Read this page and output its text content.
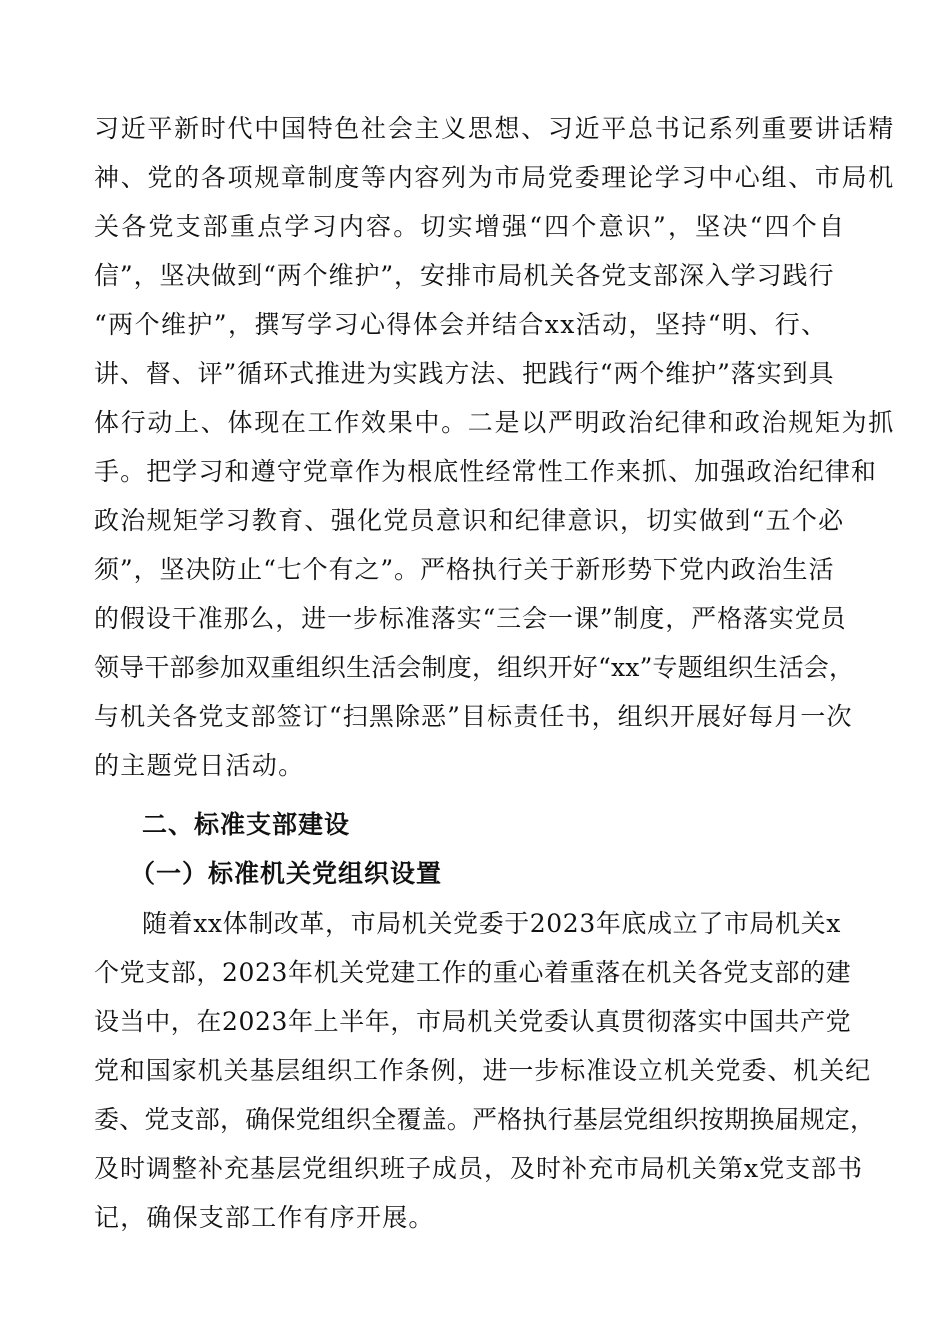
习近平新时代中国特色社会主义思想、习近平总书记系列重要讲话精
神、党的各项规章制度等内容列为市局党委理论学习中心组、市局机
关各党支部重点学习内容。切实增强“四个意识”，坚决“四个自
信”，坚决做到“两个维护”，安排市局机关各党支部深入学习践行
“两个维护”，撰写学习心得体会并结合xx活动，坚持“明、行、
讲、督、评”循环式推进为实践方法、把践行“两个维护”落实到具
体行动上、体现在工作效果中。二是以严明政治纪律和政治规矩为抓
手。把学习和遵守党章作为根底性经常性工作来抓、加强政治纪律和
政治规矩学习教育、强化党员意识和纪律意识，切实做到“五个必
须”，坚决防止“七个有之”。严格执行关于新形势下党内政治生活
的假设干准那么，进一步标准落实“三会一课”制度，严格落实党员
领导干部参加双重组织生活会制度，组织开好“xx”专题组织生活会，
与机关各党支部签订“扫黑除恶”目标责任书，组织开展好每月一次
的主题党日活动。
二、标准支部建设
（一）标准机关党组织设置
随着xx体制改革，市局机关党委于2023年底成立了市局机关x
个党支部，2023年机关党建工作的重心着重落在机关各党支部的建
设当中，在2023年上半年，市局机关党委认真贯彻落实中国共产党
党和国家机关基层组织工作条例，进一步标准设立机关党委、机关纪
委、党支部，确保党组织全覆盖。严格执行基层党组织按期换届规定，
及时调整补充基层党组织班子成员，及时补充市局机关第x党支部书
记，确保支部工作有序开展。
